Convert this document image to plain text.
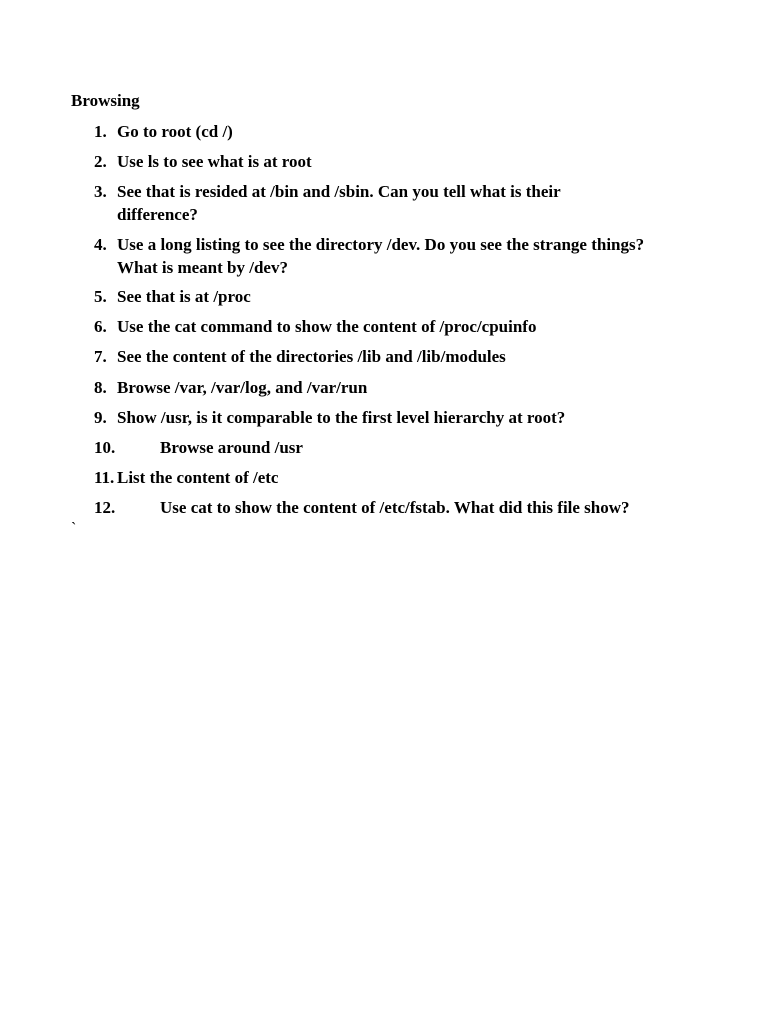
Browsing
1. Go to root (cd /)
2. Use ls to see what is at root
3. See that is resided at /bin and /sbin. Can you tell what is their difference?
4. Use a long listing to see the directory /dev. Do you see the strange things? What is meant by /dev?
5. See that is at /proc
6. Use the cat command to show the content of /proc/cpuinfo
7. See the content of the directories /lib and /lib/modules
8. Browse /var, /var/log, and /var/run
9. Show /usr, is it comparable to the first level hierarchy at root?
10.	Browse around /usr
11. List the content of /etc
12.	Use cat to show the content of /etc/fstab. What did this file show?
`
